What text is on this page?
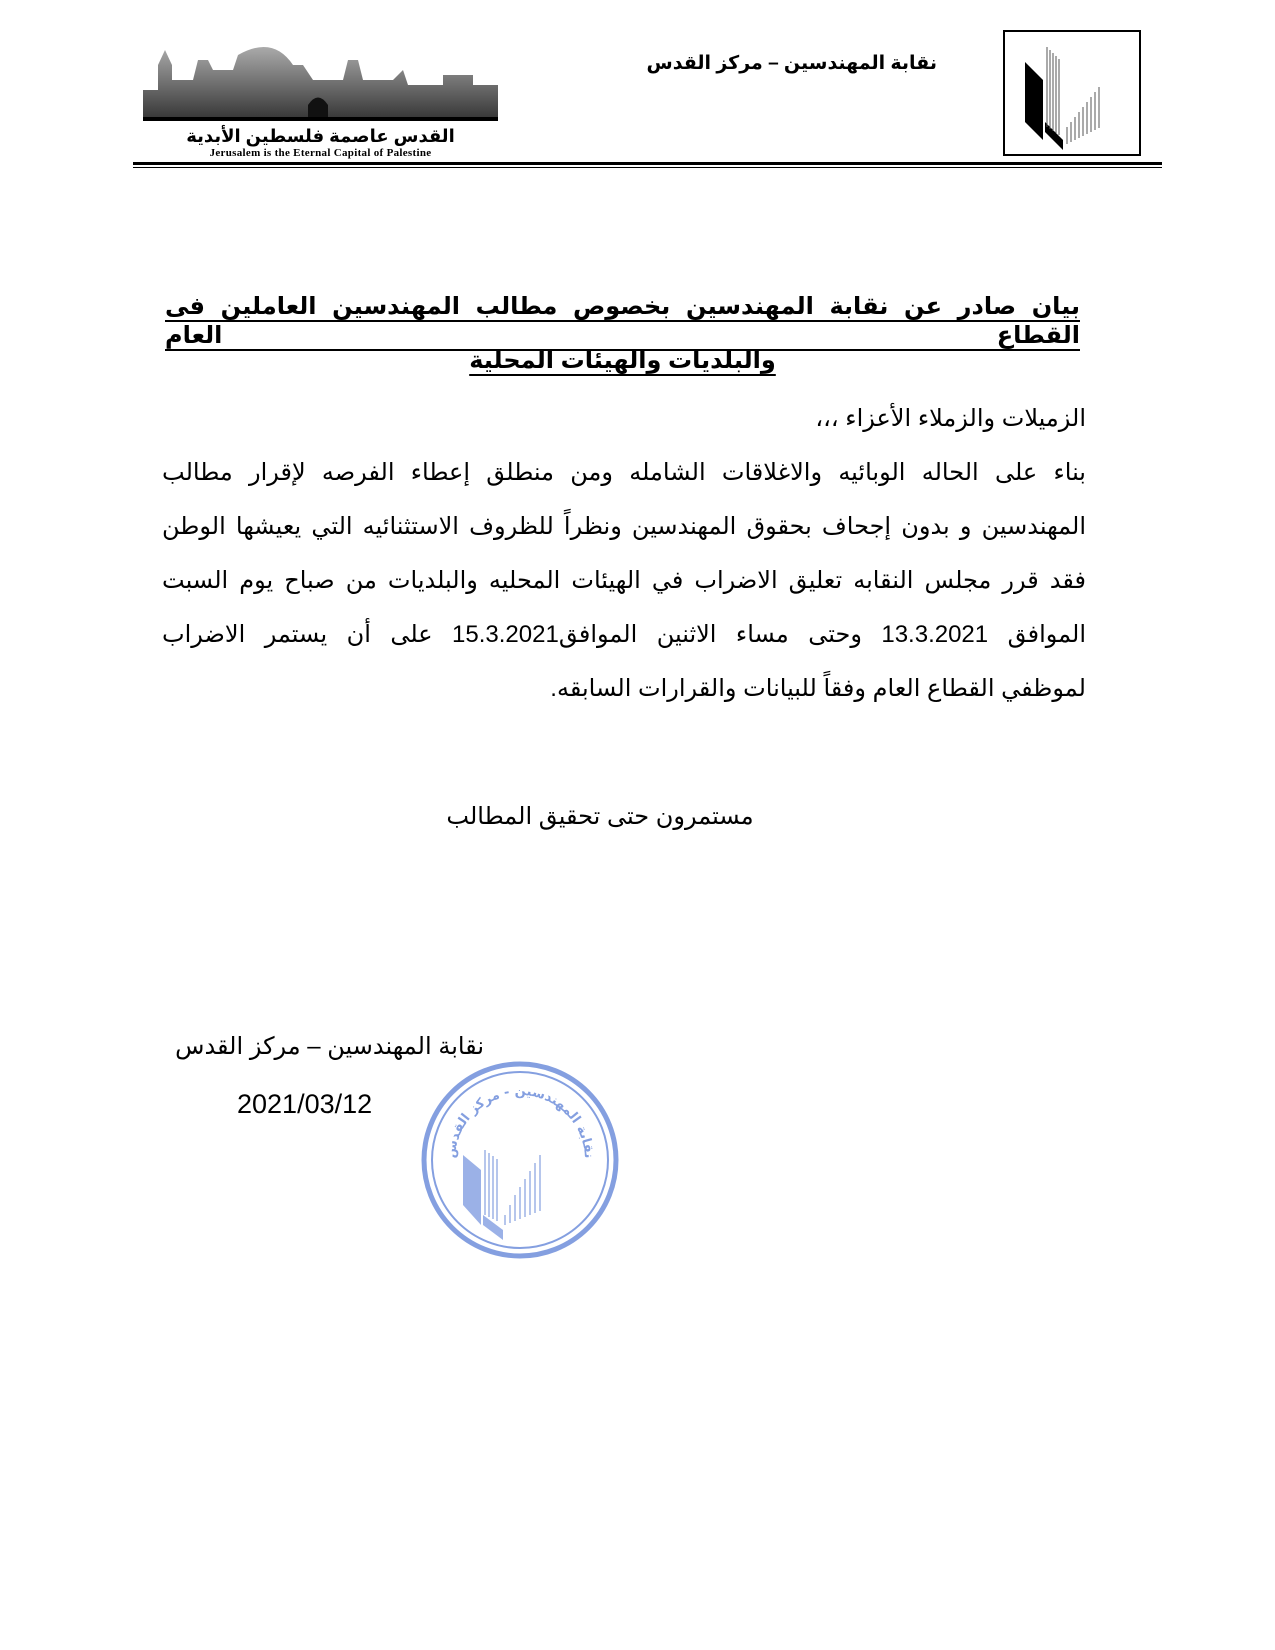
نقابة المهندسين – مركز القدس
القدس عاصمة فلسطين الأبدية
Jerusalem is the Eternal Capital of Palestine
بيان صادر عن نقابة المهندسين بخصوص مطالب المهندسين العاملين فى القطاع العام
والبلديات والهيئات المحلية
الزميلات والزملاء الأعزاء ،،،
بناء على الحاله الوبائيه والاغلاقات الشامله ومن منطلق إعطاء الفرصه لإقرار مطالب
المهندسين و بدون إجحاف بحقوق المهندسين ونظراً للظروف الاستثنائيه التي يعيشها الوطن
فقد قرر مجلس النقابه تعليق الاضراب في الهيئات المحليه والبلديات من صباح يوم السبت
الموافق 13.3.2021 وحتى مساء الاثنين الموافق15.3.2021 على أن يستمر الاضراب
لموظفي القطاع العام وفقاً للبيانات والقرارات السابقه.
مستمرون حتى تحقيق المطالب
نقابة المهندسين – مركز القدس
2021/03/12
نقابة المهندسين - مركز القدس
